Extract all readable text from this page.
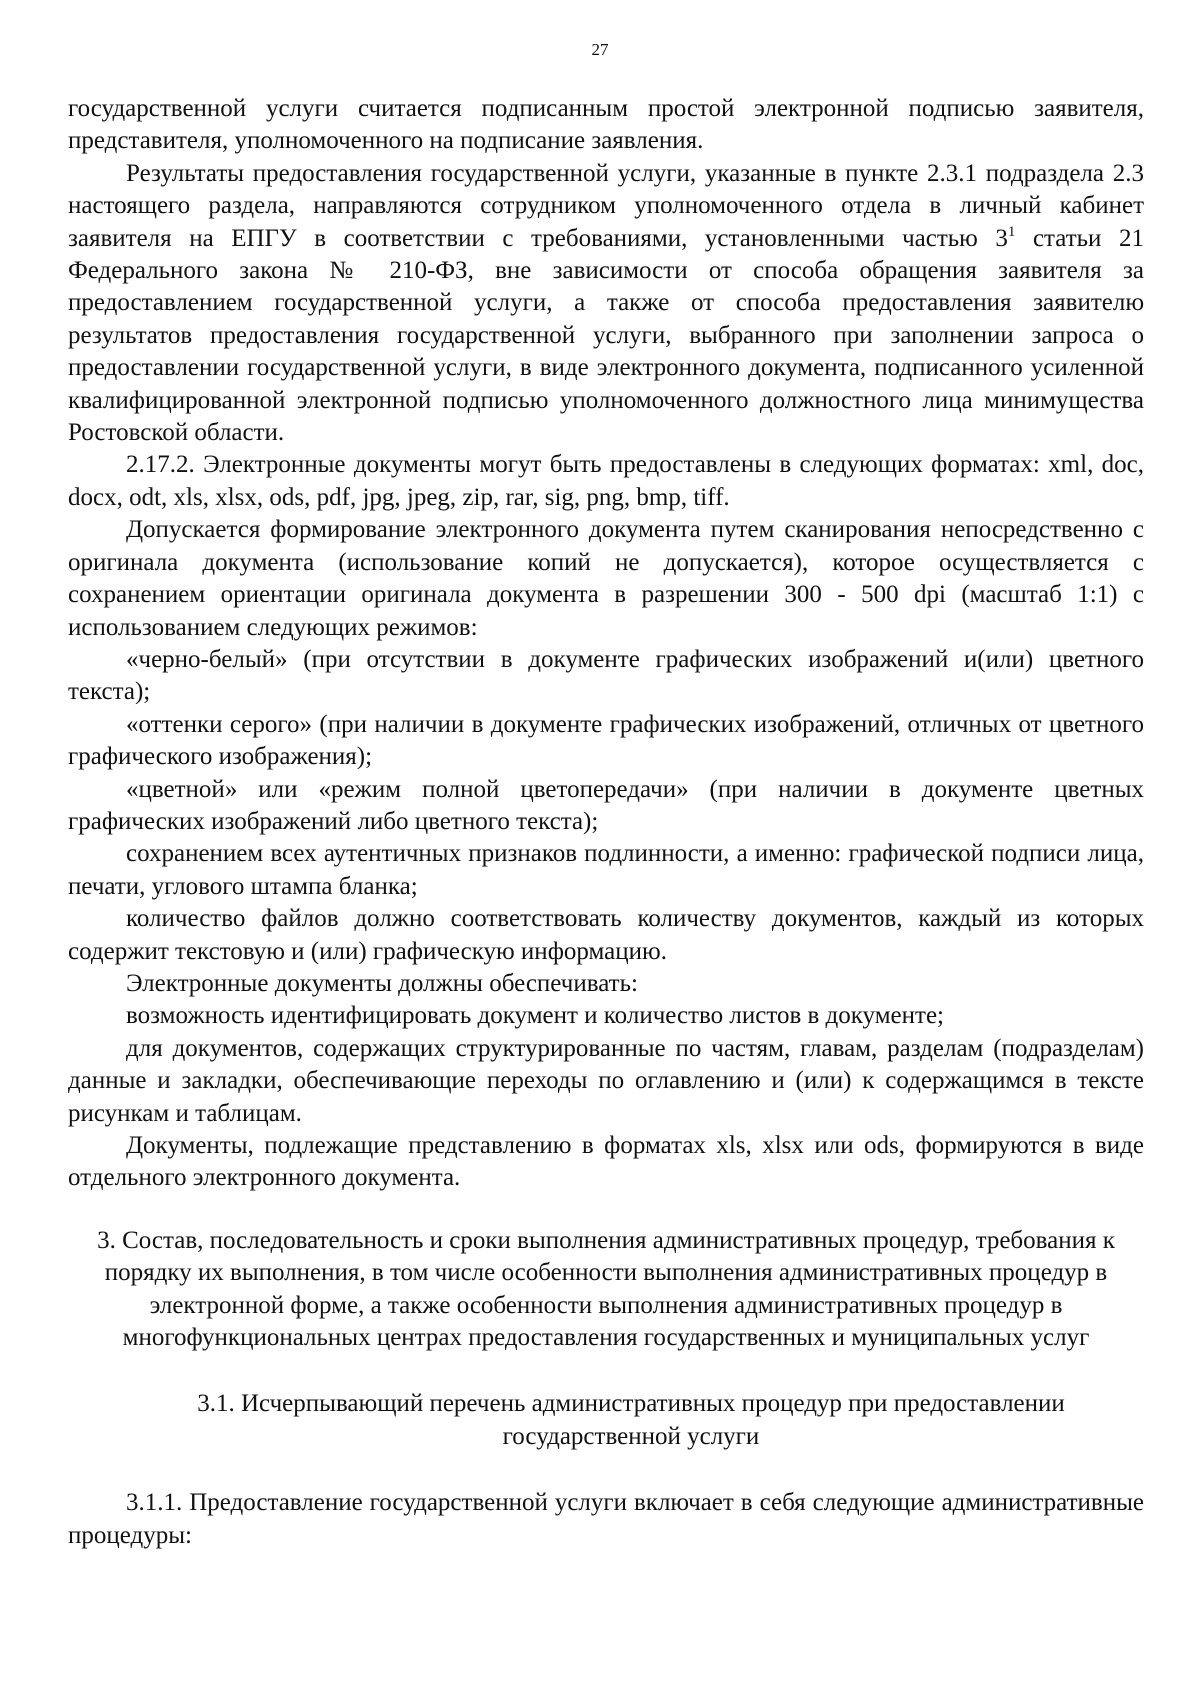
27

государственной услуги считается подписанным простой электронной подписью заявителя, представителя, уполномоченного на подписание заявления.

Результаты предоставления государственной услуги, указанные в пункте 2.3.1 подраздела 2.3 настоящего раздела, направляются сотрудником уполномоченного отдела в личный кабинет заявителя на ЕПГУ в соответствии с требованиями, установленными частью $3^1$ статьи 21 Федерального закона № 210-ФЗ, вне зависимости от способа обращения заявителя за предоставлением государственной услуги, а также от способа предоставления заявителю результатов предоставления государственной услуги, выбранного при заполнении запроса о предоставлении государственной услуги, в виде электронного документа, подписанного усиленной квалифицированной электронной подписью уполномоченного должностного лица минимущества Ростовской области.

2.17.2. Электронные документы могут быть предоставлены в следующих форматах: xml, doc, docx, odt, xls, xlsx, ods, pdf, jpg, jpeg, zip, rar, sig, png, bmp, tiff.

Допускается формирование электронного документа путем сканирования непосредственно с оригинала документа (использование копий не допускается), которое осуществляется с сохранением ориентации оригинала документа в разрешении 300 - 500 dpi (масштаб 1:1) с использованием следующих режимов:

«черно-белый» (при отсутствии в документе графических изображений и(или) цветного текста);

«оттенки серого» (при наличии в документе графических изображений, отличных от цветного графического изображения);

«цветной» или «режим полной цветопередачи» (при наличии в документе цветных графических изображений либо цветного текста);

сохранением всех аутентичных признаков подлинности, а именно: графической подписи лица, печати, углового штампа бланка;

количество файлов должно соответствовать количеству документов, каждый из которых содержит текстовую и (или) графическую информацию.

Электронные документы должны обеспечивать:

возможность идентифицировать документ и количество листов в документе;

для документов, содержащих структурированные по частям, главам, разделам (подразделам) данные и закладки, обеспечивающие переходы по оглавлению и (или) к содержащимся в тексте рисункам и таблицам.

Документы, подлежащие представлению в форматах xls, xlsx или ods, формируются в виде отдельного электронного документа.

3. Состав, последовательность и сроки выполнения административных процедур, требования к порядку их выполнения, в том числе особенности выполнения административных процедур в электронной форме, а также особенности выполнения административных процедур в многофункциональных центрах предоставления государственных и муниципальных услуг

3.1. Исчерпывающий перечень административных процедур при предоставлении государственной услуги

3.1.1. Предоставление государственной услуги включает в себя следующие административные процедуры:
